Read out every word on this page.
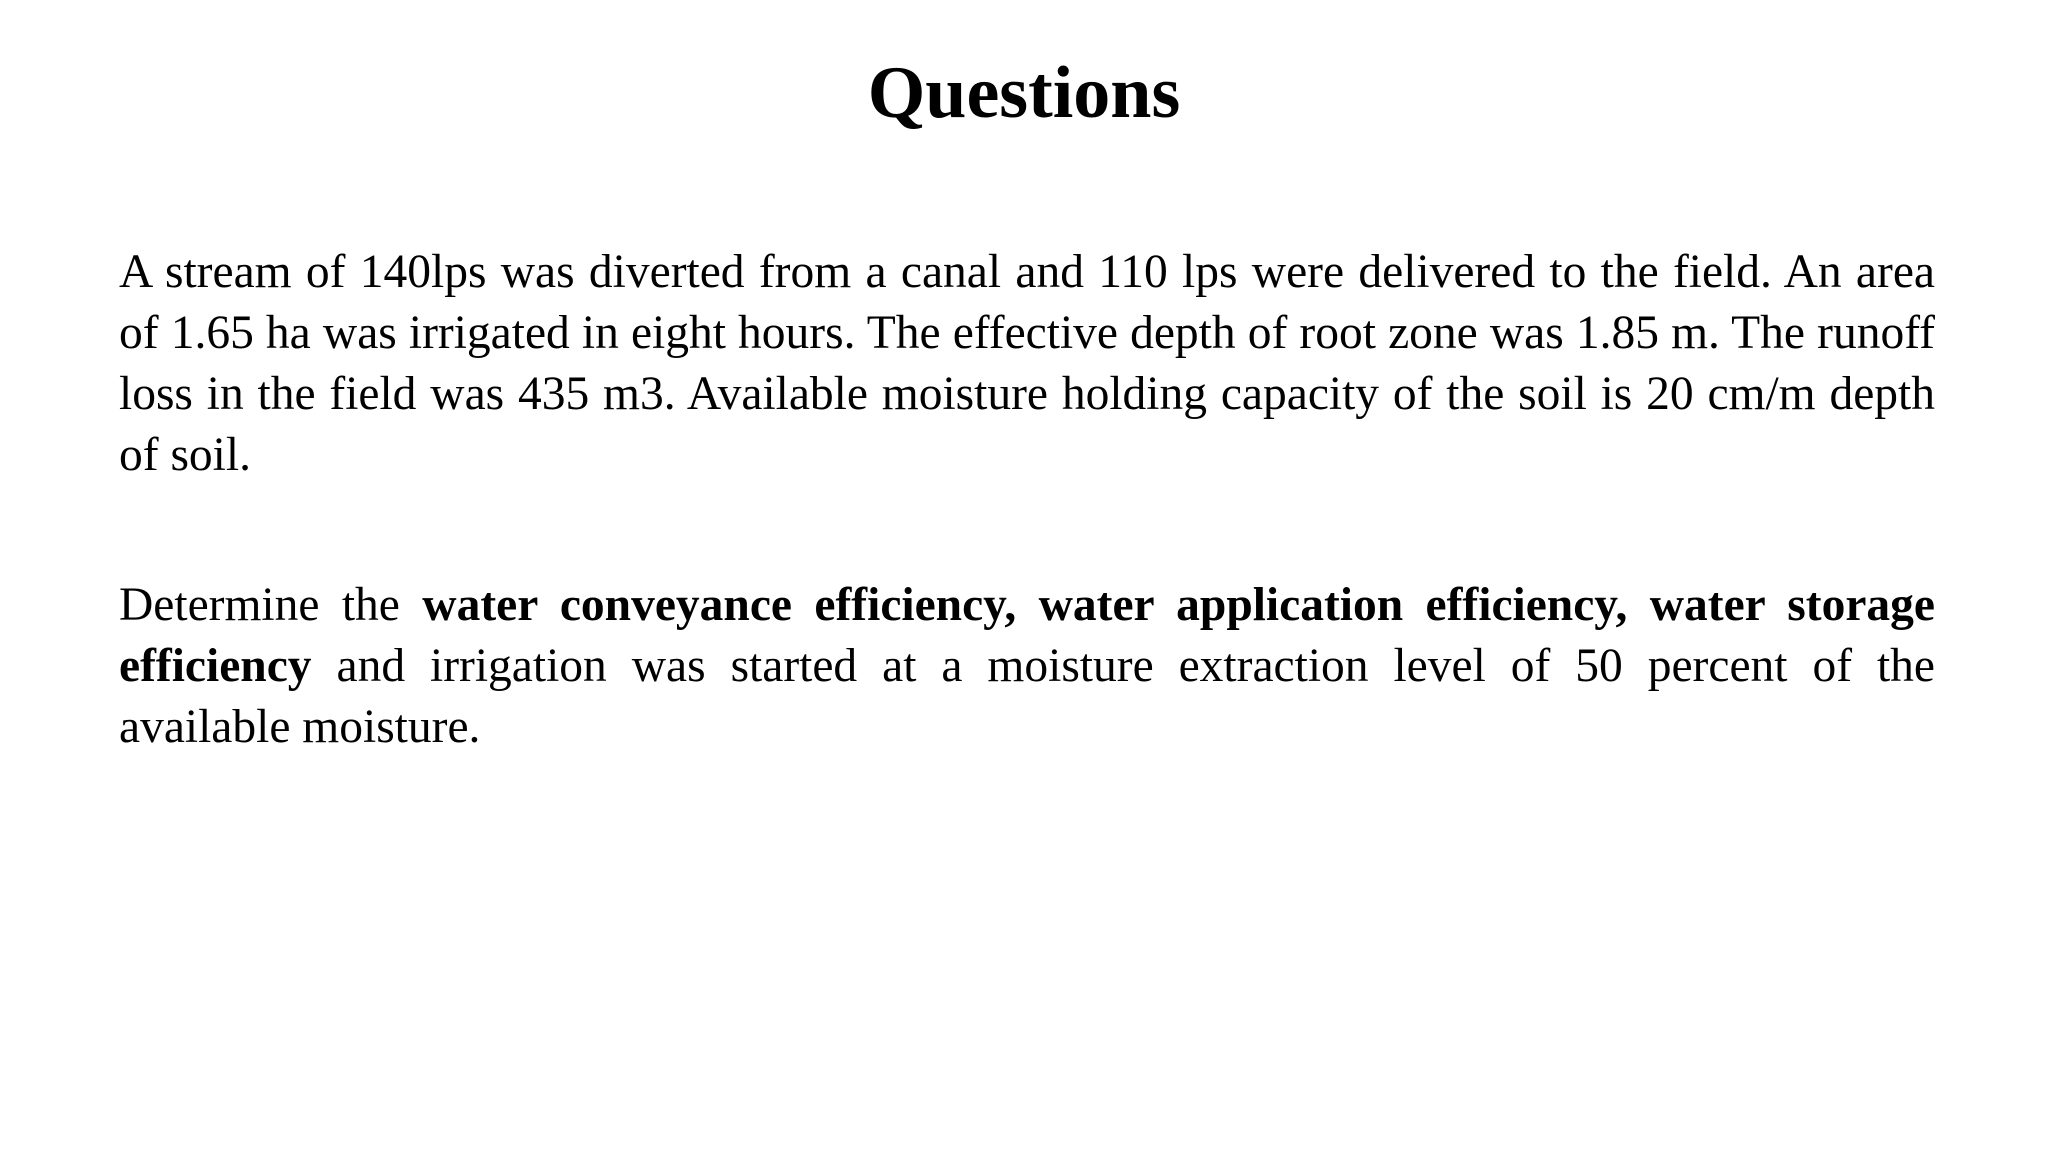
Questions

A stream of 140lps was diverted from a canal and 110 lps were delivered to the field. An area of 1.65 ha was irrigated in eight hours. The effective depth of root zone was 1.85 m. The runoff loss in the field was 435 m3. Available moisture holding capacity of the soil is 20 cm/m depth of soil.

Determine the water conveyance efficiency, water application efficiency, water storage efficiency and irrigation was started at a moisture extraction level of 50 percent of the available moisture.
